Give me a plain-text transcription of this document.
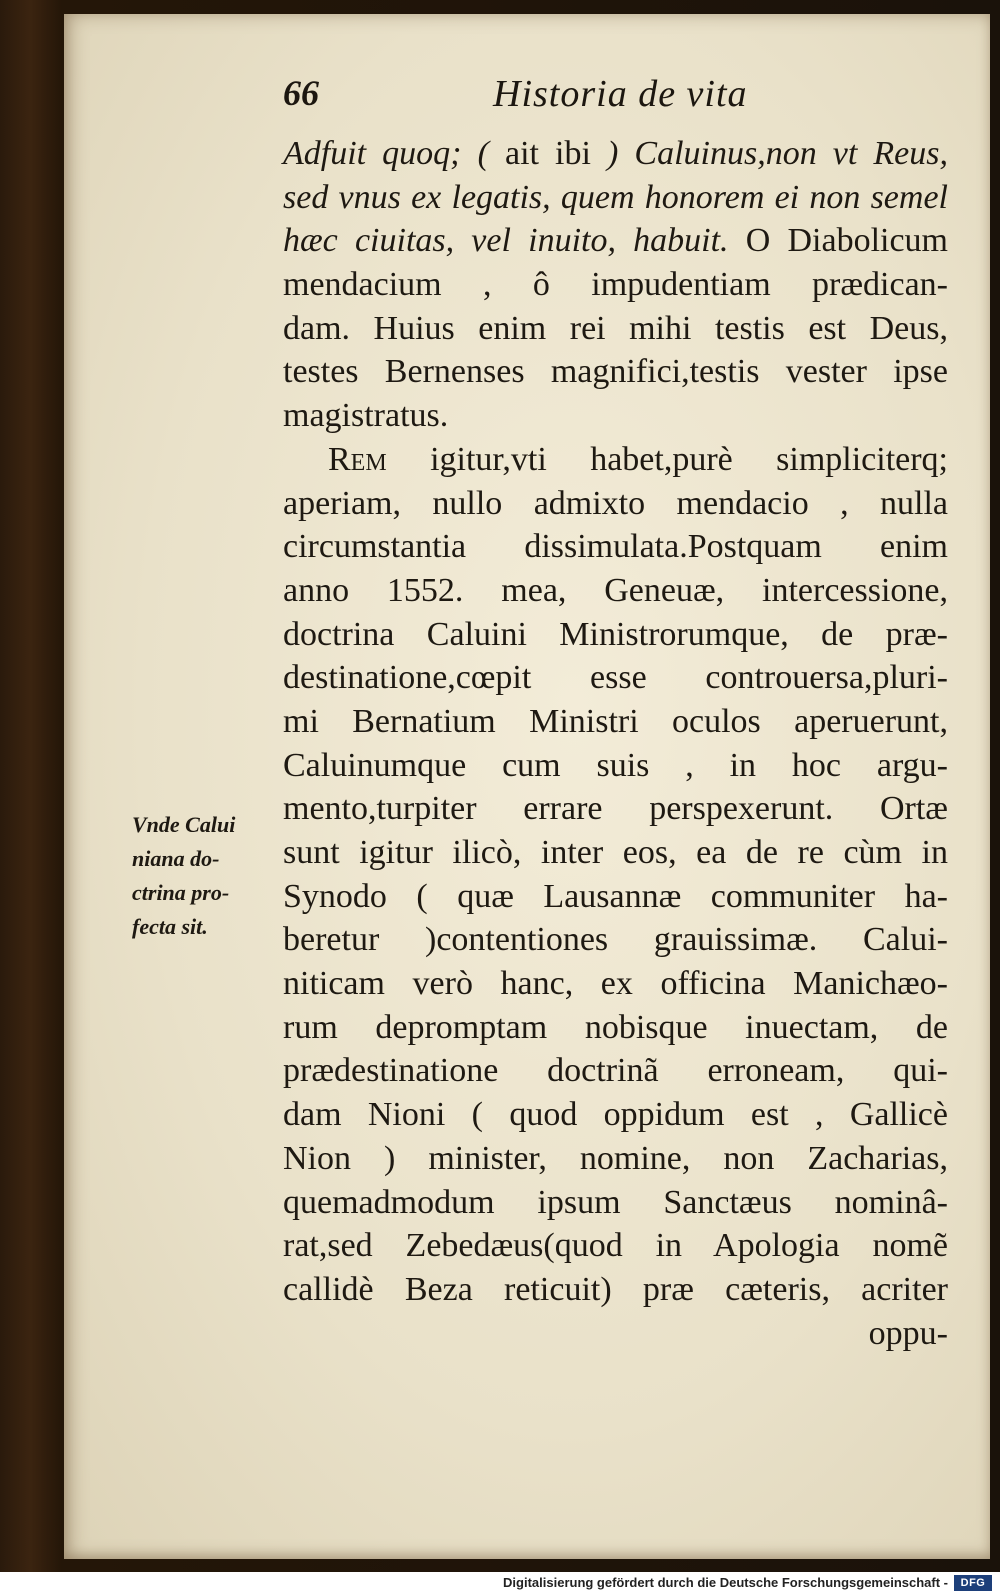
66	Historia de vita
Adfuit quoq; ( ait ibi ) Caluinus,non vt Reus,
sed vnus ex legatis, quem honorem ei non semel
hæc ciuitas, vel inuito, habuit. O Diabolicum
mendacium , ô impudentiam prædican-
dam. Huius enim rei mihi testis est Deus,
testes Bernenses magnifici,testis vester ipse
magistratus.
Rem igitur,vti habet,purè simpliciterq;
aperiam, nullo admixto mendacio , nulla
circumstantia dissimulata.Postquam enim
anno 1552. mea, Geneuæ, intercessione,
doctrina Caluini Ministrorumque, de præ-
destinatione,cœpit esse controuersa,pluri-
mi Bernatium Ministri oculos aperuerunt,
Caluinumque cum suis , in hoc argu-
mento,turpiter errare perspexerunt. Ortæ
sunt igitur ilicò, inter eos, ea de re cùm in
Synodo ( quæ Lausannæ communiter ha-
beretur )contentiones grauissimæ. Calui-
niticam verò hanc, ex officina Manichæo-
rum depromptam nobisque inuectam, de
prædestinatione doctrinã erroneam, qui-
dam Nioni ( quod oppidum est , Gallicè
Nion ) minister, nomine, non Zacharias,
quemadmodum ipsum Sanctæus nominâ-
rat,sed Zebedæus(quod in Apologia nomẽ
callidè Beza reticuit) præ cæteris, acriter
oppu-
Vnde Calui
niana do-
ctrina pro-
fecta sit.
Digitalisierung gefördert durch die Deutsche Forschungsgemeinschaft -	DFG
